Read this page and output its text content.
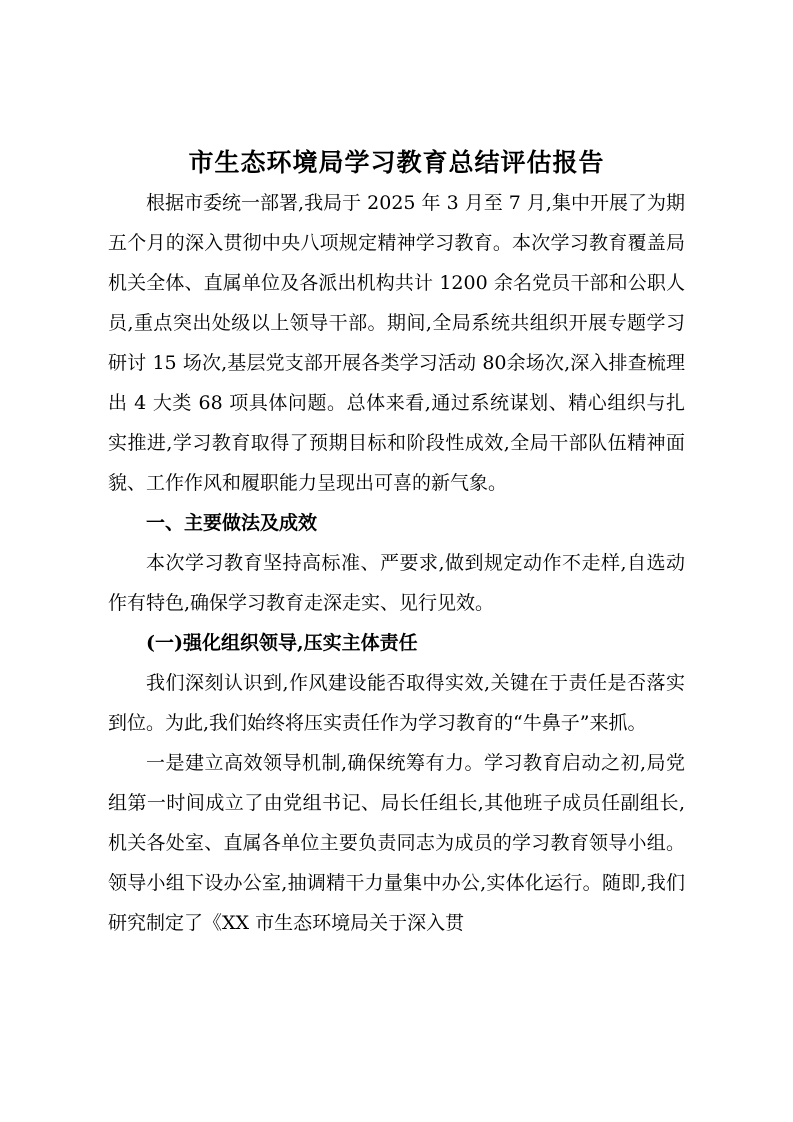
市生态环境局学习教育总结评估报告

根据市委统一部署,我局于 2025 年 3 月至 7 月,集中开展了为期五个月的深入贯彻中央八项规定精神学习教育。本次学习教育覆盖局机关全体、直属单位及各派出机构共计 1200 余名党员干部和公职人员,重点突出处级以上领导干部。期间,全局系统共组织开展专题学习研讨 15 场次,基层党支部开展各类学习活动 80余场次,深入排查梳理出 4 大类 68 项具体问题。总体来看,通过系统谋划、精心组织与扎实推进,学习教育取得了预期目标和阶段性成效,全局干部队伍精神面貌、工作作风和履职能力呈现出可喜的新气象。

一、主要做法及成效

本次学习教育坚持高标准、严要求,做到规定动作不走样,自选动作有特色,确保学习教育走深走实、见行见效。

(一)强化组织领导,压实主体责任

我们深刻认识到,作风建设能否取得实效,关键在于责任是否落实到位。为此,我们始终将压实责任作为学习教育的“牛鼻子”来抓。

一是建立高效领导机制,确保统筹有力。学习教育启动之初,局党组第一时间成立了由党组书记、局长任组长,其他班子成员任副组长,机关各处室、直属各单位主要负责同志为成员的学习教育领导小组。领导小组下设办公室,抽调精干力量集中办公,实体化运行。随即,我们研究制定了《XX 市生态环境局关于深入贯
